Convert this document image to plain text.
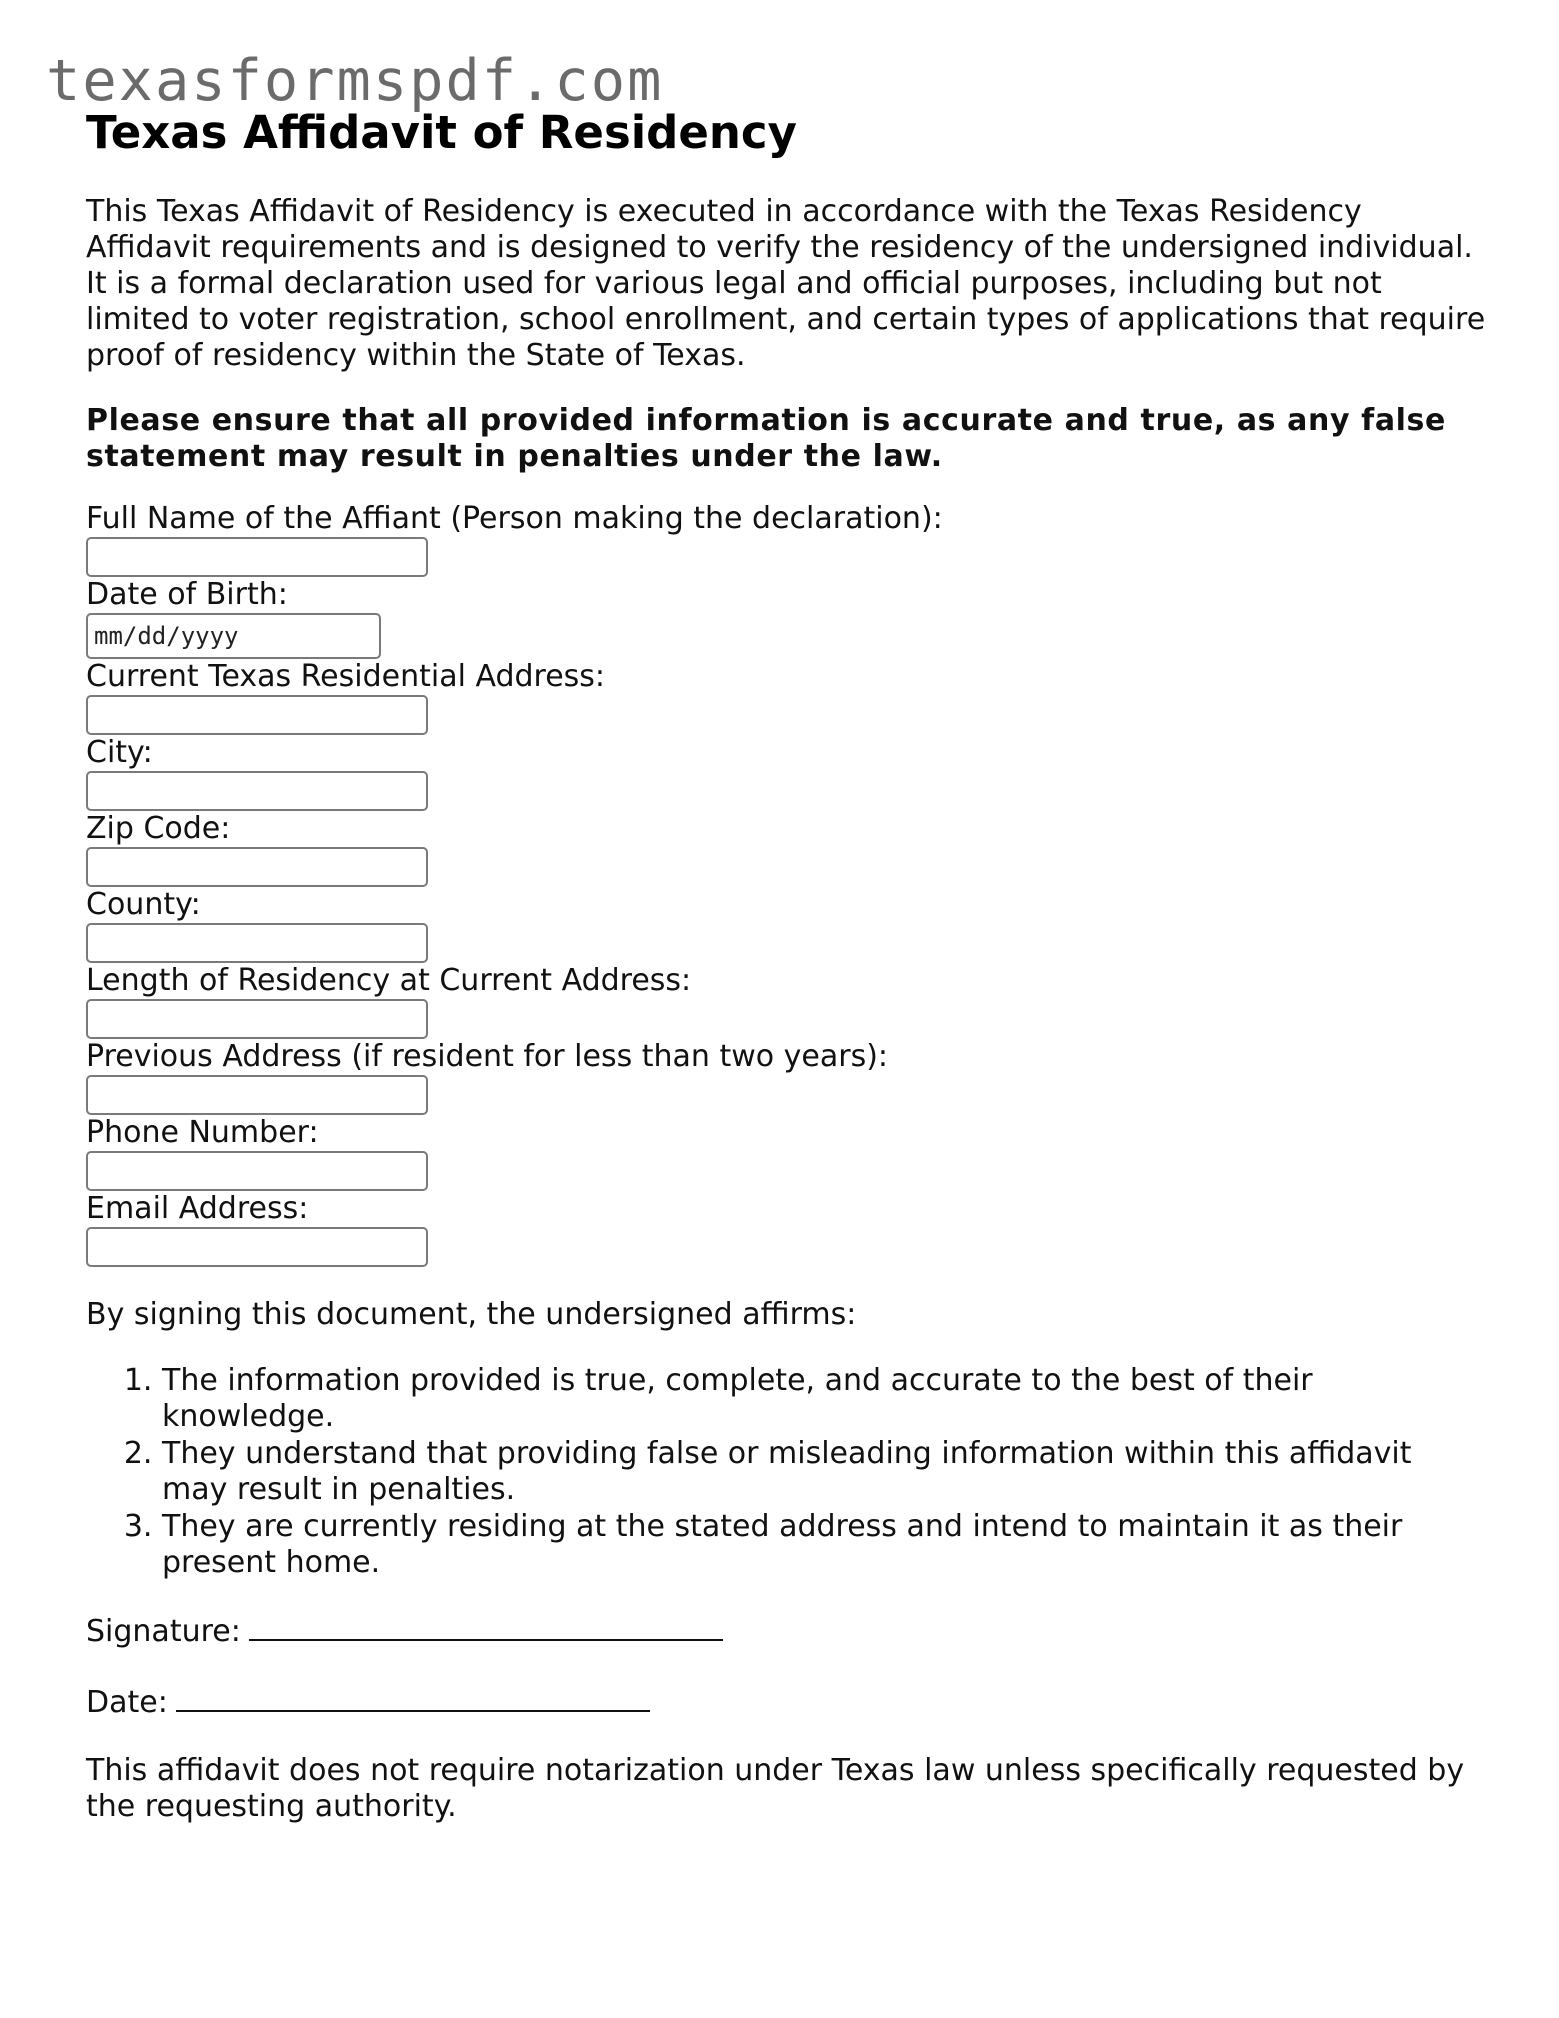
texasformspdf.com
Texas Affidavit of Residency

This Texas Affidavit of Residency is executed in accordance with the Texas Residency Affidavit requirements and is designed to verify the residency of the undersigned individual. It is a formal declaration used for various legal and official purposes, including but not limited to voter registration, school enrollment, and certain types of applications that require proof of residency within the State of Texas.

Please ensure that all provided information is accurate and true, as any false statement may result in penalties under the law.

Full Name of the Affiant (Person making the declaration):
Date of Birth:
mm/dd/yyyy
Current Texas Residential Address:
City:
Zip Code:
County:
Length of Residency at Current Address:
Previous Address (if resident for less than two years):
Phone Number:
Email Address:

By signing this document, the undersigned affirms:

1. The information provided is true, complete, and accurate to the best of their knowledge.
2. They understand that providing false or misleading information within this affidavit may result in penalties.
3. They are currently residing at the stated address and intend to maintain it as their present home.

Signature:

Date:

This affidavit does not require notarization under Texas law unless specifically requested by the requesting authority.
